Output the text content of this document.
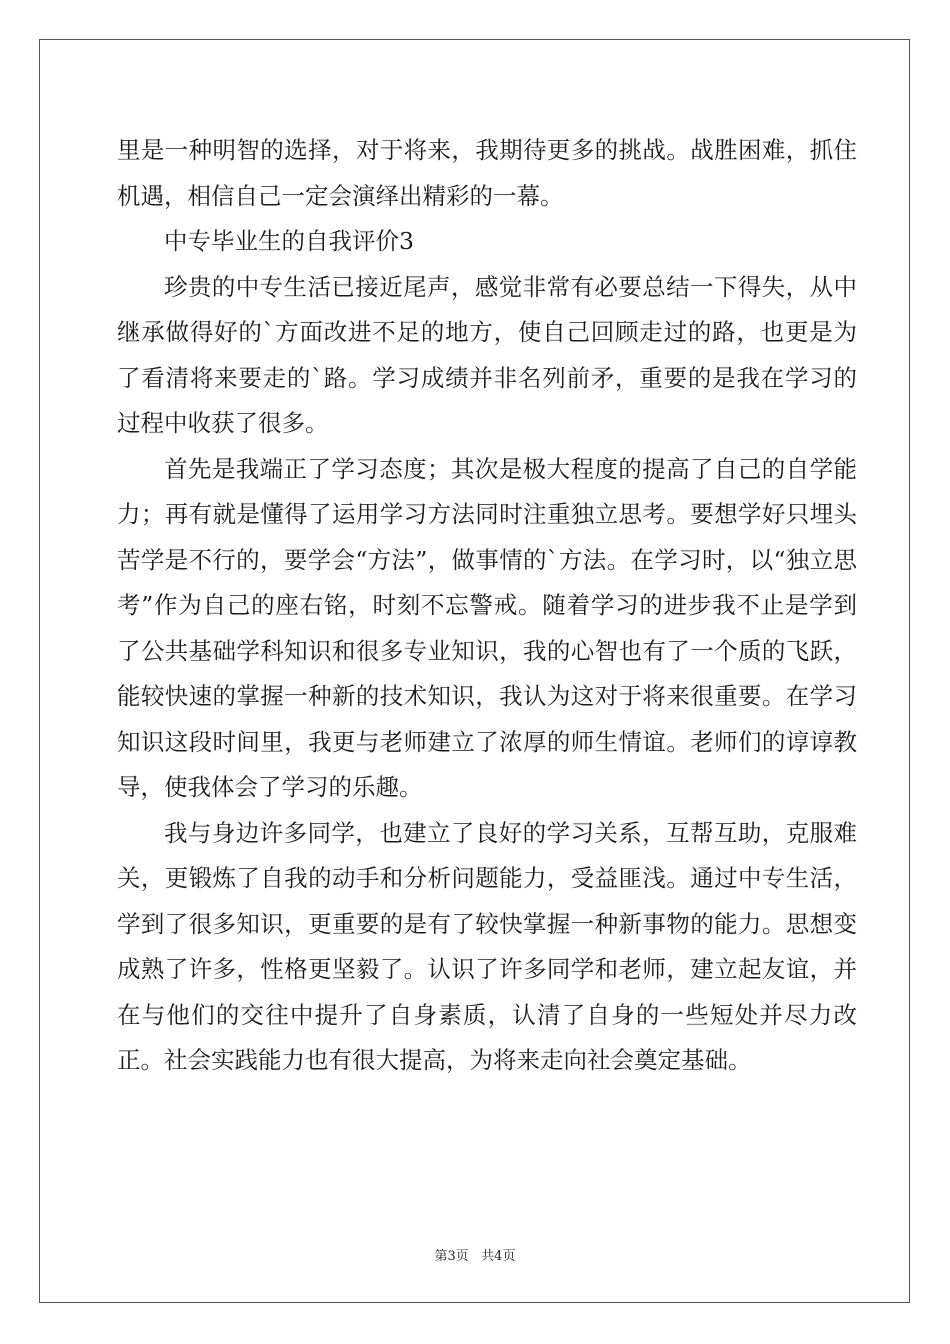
里是一种明智的选择，对于将来，我期待更多的挑战。战胜困难，抓住机遇，相信自己一定会演绎出精彩的一幕。

中专毕业生的自我评价3

珍贵的中专生活已接近尾声，感觉非常有必要总结一下得失，从中继承做得好的`方面改进不足的地方，使自己回顾走过的路，也更是为了看清将来要走的`路。学习成绩并非名列前矛，重要的是我在学习的过程中收获了很多。

首先是我端正了学习态度；其次是极大程度的提高了自己的自学能力；再有就是懂得了运用学习方法同时注重独立思考。要想学好只埋头苦学是不行的，要学会“方法”，做事情的`方法。在学习时，以“独立思考”作为自己的座右铭，时刻不忘警戒。随着学习的进步我不止是学到了公共基础学科知识和很多专业知识，我的心智也有了一个质的飞跃，能较快速的掌握一种新的技术知识，我认为这对于将来很重要。在学习知识这段时间里，我更与老师建立了浓厚的师生情谊。老师们的谆谆教导，使我体会了学习的乐趣。

我与身边许多同学，也建立了良好的学习关系，互帮互助，克服难关，更锻炼了自我的动手和分析问题能力，受益匪浅。通过中专生活，学到了很多知识，更重要的是有了较快掌握一种新事物的能力。思想变成熟了许多，性格更坚毅了。认识了许多同学和老师，建立起友谊，并在与他们的交往中提升了自身素质，认清了自身的一些短处并尽力改正。社会实践能力也有很大提高，为将来走向社会奠定基础。

第3页   共4页
